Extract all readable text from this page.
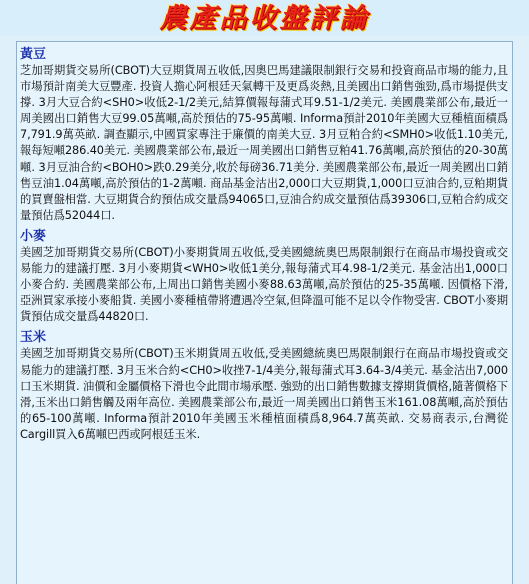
農產品收盤評論
黃豆
芝加哥期貨交易所(CBOT)大豆期貨周五收低,因奧巴馬建議限制銀行交易和投資商品市場的能力,且市場預計南美大豆豐產. 投資人擔心阿根廷天氣轉干及更爲炎熱,且美國出口銷售強勁,爲市場提供支撐. 3月大豆合約<SH0>收低2-1/2美元,結算價報每蒲式耳9.51-1/2美元. 美國農業部公布,最近一周美國出口銷售大豆99.05萬噸,高於預估的75-95萬噸. Informa預計2010年美國大豆種植面積爲7,791.9萬英畝. 調查顯示,中國買家專注于廉價的南美大豆. 3月豆粕合約<SMH0>收低1.10美元,報每短噸286.40美元. 美國農業部公布,最近一周美國出口銷售豆粕41.76萬噸,高於預估的20-30萬噸. 3月豆油合約<BOH0>跌0.29美分,收於每磅36.71美分. 美國農業部公布,最近一周美國出口銷售豆油1.04萬噸,高於預估的1-2萬噸. 商品基金沽出2,000口大豆期貨,1,000口豆油合約,豆粕期貨的買賣盤相當. 大豆期貨合約預估成交量爲94065口,豆油合約成交量預估爲39306口,豆粕合約成交量預估爲52044口.
小麥
美國芝加哥期貨交易所(CBOT)小麥期貨周五收低,受美國總統奧巴馬限制銀行在商品市場投資或交易能力的建議打壓. 3月小麥期貨<WH0>收低1美分,報每蒲式耳4.98-1/2美元. 基金沽出1,000口小麥合約. 美國農業部公布,上周出口銷售美國小麥88.63萬噸,高於預估的25-35萬噸. 因價格下滑,亞洲買家承接小麥船貨. 美國小麥種植帶將遭遇冷空氣,但降溫可能不足以令作物受害. CBOT小麥期貨預估成交量爲44820口.
玉米
美國芝加哥期貨交易所(CBOT)玉米期貨周五收低,受美國總統奧巴馬限制銀行在商品市場投資或交易能力的建議打壓. 3月玉米合約<CH0>收挫7-1/4美分,報每蒲式耳3.64-3/4美元. 基金沽出7,000口玉米期貨. 油價和金屬價格下滑也令此間市場承壓. 強勁的出口銷售數據支撐期貨價格,隨著價格下滑,玉米出口銷售觸及兩年高位. 美國農業部公布,最近一周美國出口銷售玉米161.08萬噸,高於預估的65-100萬噸. Informa預計2010年美國玉米種植面積爲8,964.7萬英畝. 交易商表示,台灣從Cargill買入6萬噸巴西或阿根廷玉米.
